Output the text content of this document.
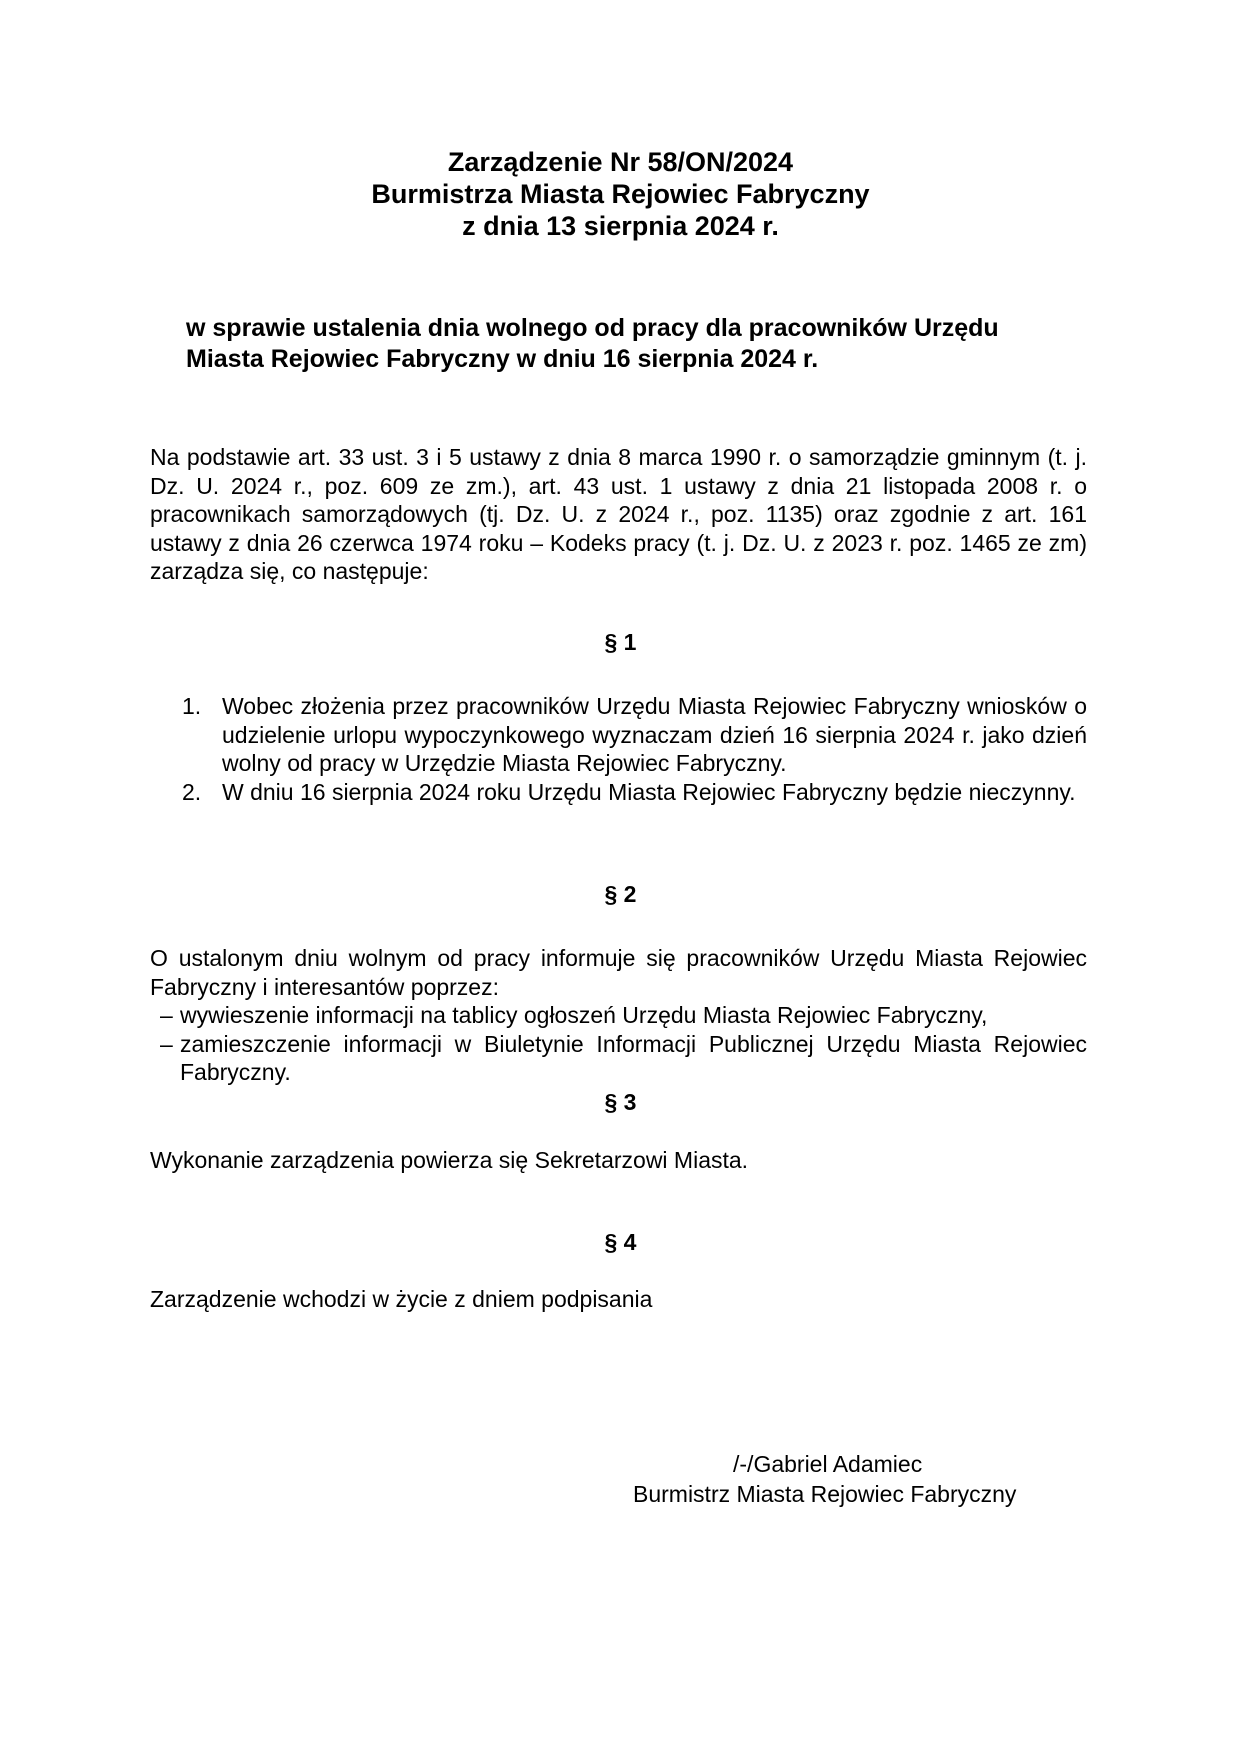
Zarządzenie Nr 58/ON/2024
Burmistrza Miasta Rejowiec Fabryczny
z dnia 13 sierpnia 2024 r.
w sprawie ustalenia dnia wolnego od pracy dla pracowników Urzędu
Miasta Rejowiec Fabryczny w dniu 16 sierpnia 2024 r.
Na podstawie art. 33 ust. 3 i 5 ustawy z dnia 8 marca 1990 r. o samorządzie gminnym (t. j. Dz. U. 2024 r., poz. 609 ze zm.), art. 43 ust. 1 ustawy z dnia 21 listopada 2008 r. o pracownikach samorządowych (tj. Dz. U. z 2024 r., poz. 1135) oraz zgodnie z art. 161 ustawy z dnia 26 czerwca 1974 roku – Kodeks pracy (t. j. Dz. U. z 2023 r. poz. 1465 ze zm) zarządza się, co następuje:
§ 1
1. Wobec złożenia przez pracowników Urzędu Miasta Rejowiec Fabryczny wniosków o udzielenie urlopu wypoczynkowego wyznaczam dzień 16 sierpnia 2024 r. jako dzień wolny od pracy w Urzędzie Miasta Rejowiec Fabryczny.
2. W dniu 16 sierpnia 2024 roku Urzędu Miasta Rejowiec Fabryczny będzie nieczynny.
§ 2
O ustalonym dniu wolnym od pracy informuje się pracowników Urzędu Miasta Rejowiec Fabryczny i interesantów poprzez:
– wywieszenie informacji na tablicy ogłoszeń Urzędu Miasta Rejowiec Fabryczny,
– zamieszczenie informacji w Biuletynie Informacji Publicznej Urzędu Miasta Rejowiec Fabryczny.
§ 3
Wykonanie zarządzenia powierza się Sekretarzowi Miasta.
§ 4
Zarządzenie wchodzi w życie z dniem podpisania
/-/Gabriel Adamiec
Burmistrz Miasta Rejowiec Fabryczny
